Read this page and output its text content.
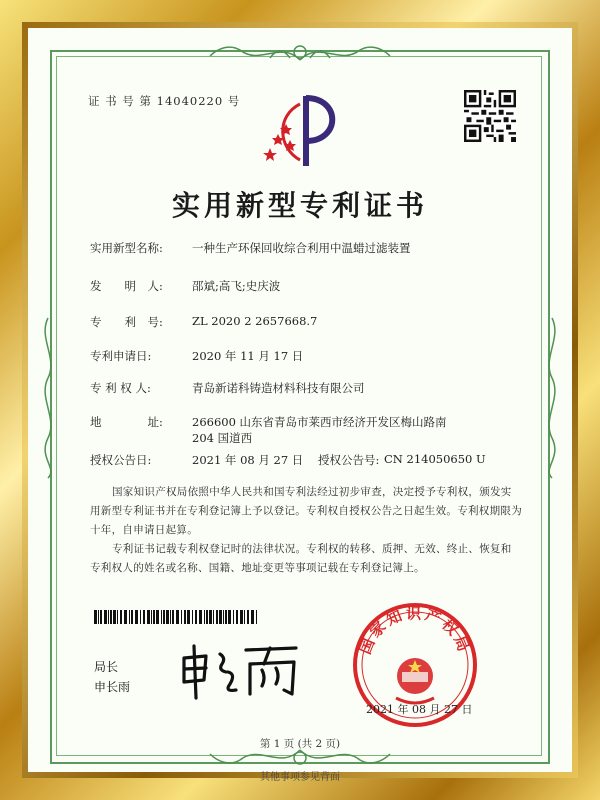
证 书 号 第 14040220 号
实用新型专利证书
实用新型名称:	一种生产环保回收综合利用中温蜡过滤装置
发　　明　人:	邵斌;高飞;史庆波
专　　利　号:	ZL 2020 2 2657668.7
专利申请日:	2020 年 11 月 17 日
专 利 权 人:	青岛新诺科铸造材料科技有限公司
地　　　　址:	266600 山东省青岛市莱西市经济开发区梅山路南 204 国道西
授权公告日:	2021 年 08 月 27 日 授权公告号: CN 214050650 U
国家知识产权局依照中华人民共和国专利法经过初步审查，决定授予专利权，颁发实用新型专利证书并在专利登记簿上予以登记。专利权自授权公告之日起生效。专利权期限为十年，自申请日起算。
专利证书记载专利权登记时的法律状况。专利权的转移、质押、无效、终止、恢复和专利权人的姓名或名称、国籍、地址变更等事项记载在专利登记簿上。
局长
申长雨
国家知识产权局
2021 年 08 月 27 日
第 1 页 (共 2 页)
其他事项参见背面
